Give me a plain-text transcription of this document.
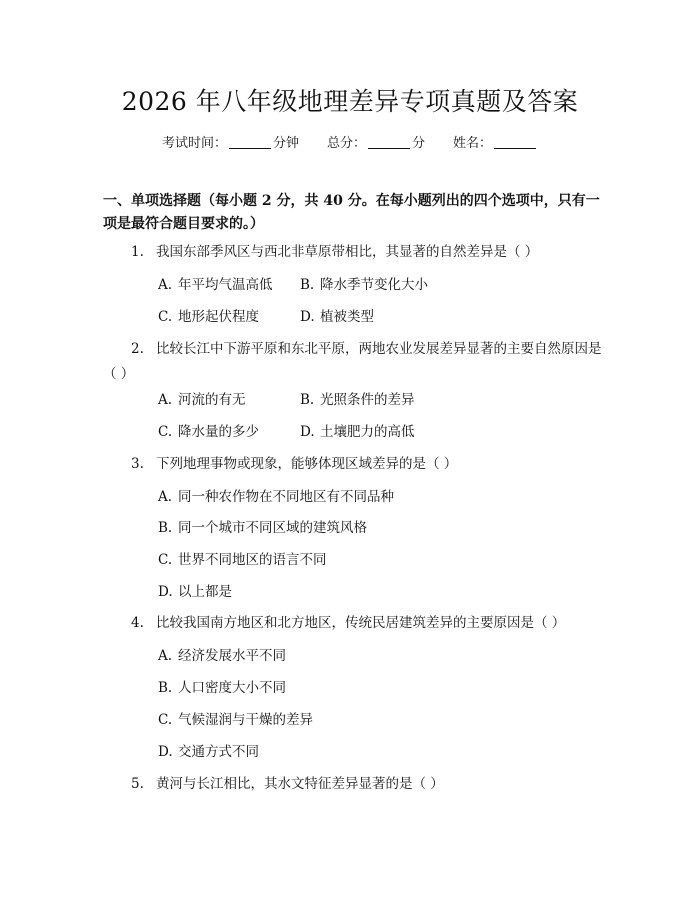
2026 年八年级地理差异专项真题及答案
考试时间：	分钟 总分：	分 姓名：
一、单项选择题（每小题 2 分，共 40 分。在每小题列出的四个选项中，只有一项是最符合题目要求的。）
1. 我国东部季风区与西北非草原带相比，其显著的自然差异是（ ）
A. 年平均气温高低 B. 降水季节变化大小
C. 地形起伏程度	D. 植被类型
2. 比较长江中下游平原和东北平原，两地农业发展差异显著的主要自然原因是（ ）
A. 河流的有无	B. 光照条件的差异
C. 降水量的多少	D. 土壤肥力的高低
3. 下列地理事物或现象，能够体现区域差异的是（ ）
A. 同一种农作物在不同地区有不同品种
B. 同一个城市不同区域的建筑风格
C. 世界不同地区的语言不同
D. 以上都是
4. 比较我国南方地区和北方地区，传统民居建筑差异的主要原因是（ ）
A. 经济发展水平不同
B. 人口密度大小不同
C. 气候湿润与干燥的差异
D. 交通方式不同
5. 黄河与长江相比，其水文特征差异显著的是（ ）
